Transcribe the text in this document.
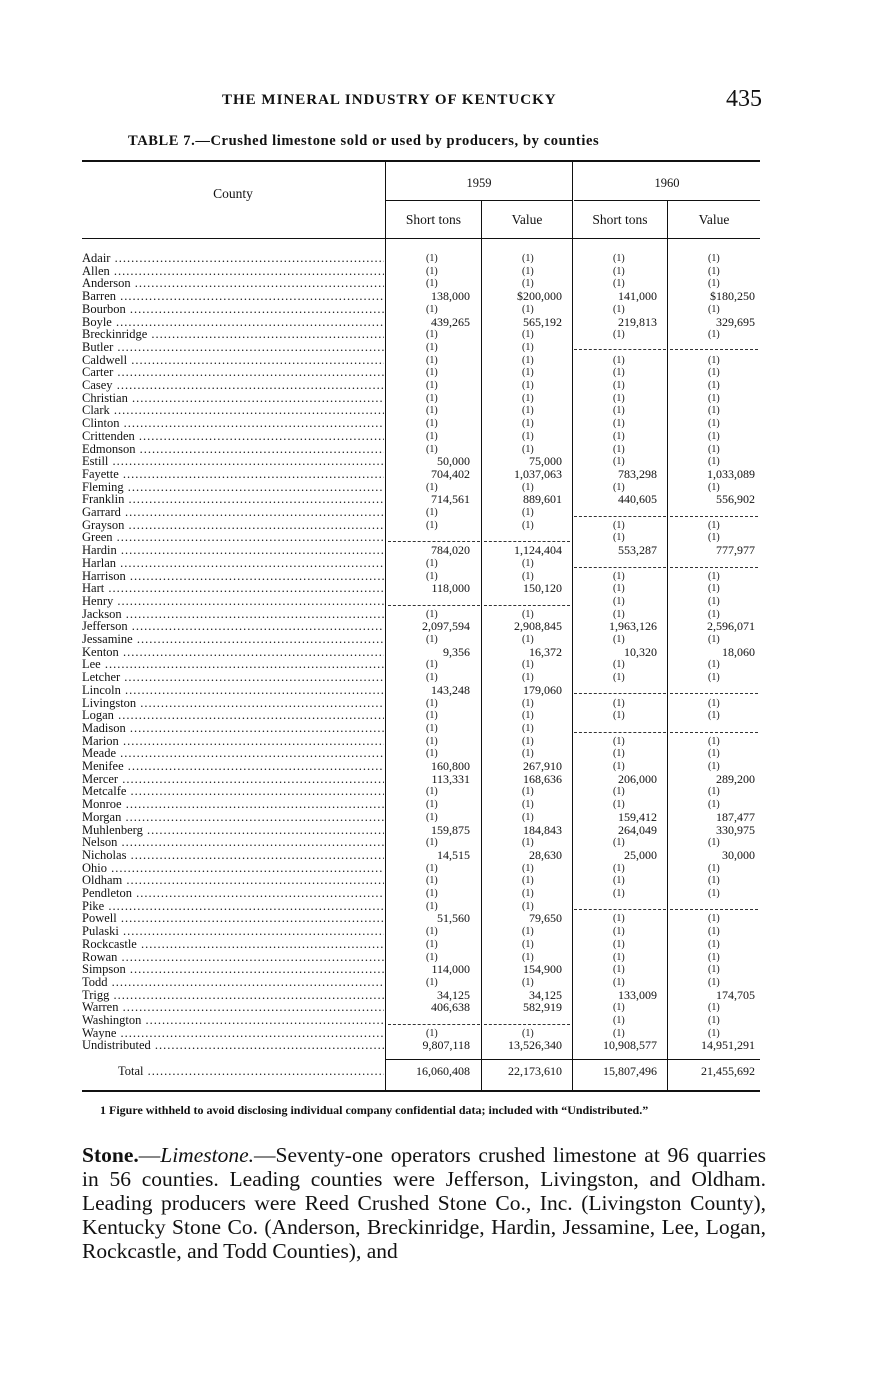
THE MINERAL INDUSTRY OF KENTUCKY	435
TABLE 7.—Crushed limestone sold or used by producers, by counties
County
1959	1960
Short tons	Value	Short tons	Value
Adair .....	(1)	(1)	(1)	(1)
Allen .....	(1)	(1)	(1)	(1)
Anderson .....	(1)	(1)	(1)	(1)
Barren .....	138,000	$200,000	141,000	$180,250
Bourbon .....	(1)	(1)	(1)	(1)
Boyle .....	439,265	565,192	219,813	329,695
Breckinridge .....	(1)	(1)	(1)	(1)
Butler .....	(1)	(1)
Caldwell .....	(1)	(1)	(1)	(1)
Carter .....	(1)	(1)	(1)	(1)
Casey .....	(1)	(1)	(1)	(1)
Christian .....	(1)	(1)	(1)	(1)
Clark .....	(1)	(1)	(1)	(1)
Clinton .....	(1)	(1)	(1)	(1)
Crittenden .....	(1)	(1)	(1)	(1)
Edmonson .....	(1)	(1)	(1)	(1)
Estill .....	50,000	75,000	(1)	(1)
Fayette .....	704,402	1,037,063	783,298	1,033,089
Fleming .....	(1)	(1)	(1)	(1)
Franklin .....	714,561	889,601	440,605	556,902
Garrard .....	(1)	(1)
Grayson .....	(1)	(1)	(1)	(1)
Green .....	(1)	(1)
Hardin .....	784,020	1,124,404	553,287	777,977
Harlan .....	(1)	(1)
Harrison .....	(1)	(1)	(1)	(1)
Hart .....	118,000	150,120	(1)	(1)
Henry .....	(1)	(1)
Jackson .....	(1)	(1)	(1)	(1)
Jefferson .....	2,097,594	2,908,845	1,963,126	2,596,071
Jessamine .....	(1)	(1)	(1)	(1)
Kenton .....	9,356	16,372	10,320	18,060
Lee .....	(1)	(1)	(1)	(1)
Letcher .....	(1)	(1)	(1)	(1)
Lincoln .....	143,248	179,060
Livingston .....	(1)	(1)	(1)	(1)
Logan .....	(1)	(1)	(1)	(1)
Madison .....	(1)	(1)
Marion .....	(1)	(1)	(1)	(1)
Meade .....	(1)	(1)	(1)	(1)
Menifee .....	160,800	267,910	(1)	(1)
Mercer .....	113,331	168,636	206,000	289,200
Metcalfe .....	(1)	(1)	(1)	(1)
Monroe .....	(1)	(1)	(1)	(1)
Morgan .....	(1)	(1)	159,412	187,477
Muhlenberg .....	159,875	184,843	264,049	330,975
Nelson .....	(1)	(1)	(1)	(1)
Nicholas .....	14,515	28,630	25,000	30,000
Ohio .....	(1)	(1)	(1)	(1)
Oldham .....	(1)	(1)	(1)	(1)
Pendleton .....	(1)	(1)	(1)	(1)
Pike .....	(1)	(1)
Powell .....	51,560	79,650	(1)	(1)
Pulaski .....	(1)	(1)	(1)	(1)
Rockcastle .....	(1)	(1)	(1)	(1)
Rowan .....	(1)	(1)	(1)	(1)
Simpson .....	114,000	154,900	(1)	(1)
Todd .....	(1)	(1)	(1)	(1)
Trigg .....	34,125	34,125	133,009	174,705
Warren .....	406,638	582,919	(1)	(1)
Washington .....	(1)	(1)
Wayne .....	(1)	(1)	(1)	(1)
Undistributed .....	9,807,118	13,526,340	10,908,577	14,951,291
Total .....	16,060,408	22,173,610	15,807,496	21,455,692
1 Figure withheld to avoid disclosing individual company confidential data; included with “Undistributed.”
Stone.—Limestone.—Seventy-one operators crushed limestone at 96 quarries in 56 counties. Leading counties were Jefferson, Livingston, and Oldham. Leading producers were Reed Crushed Stone Co., Inc. (Livingston County), Kentucky Stone Co. (Anderson, Breckinridge, Hardin, Jessamine, Lee, Logan, Rockcastle, and Todd Counties), and
